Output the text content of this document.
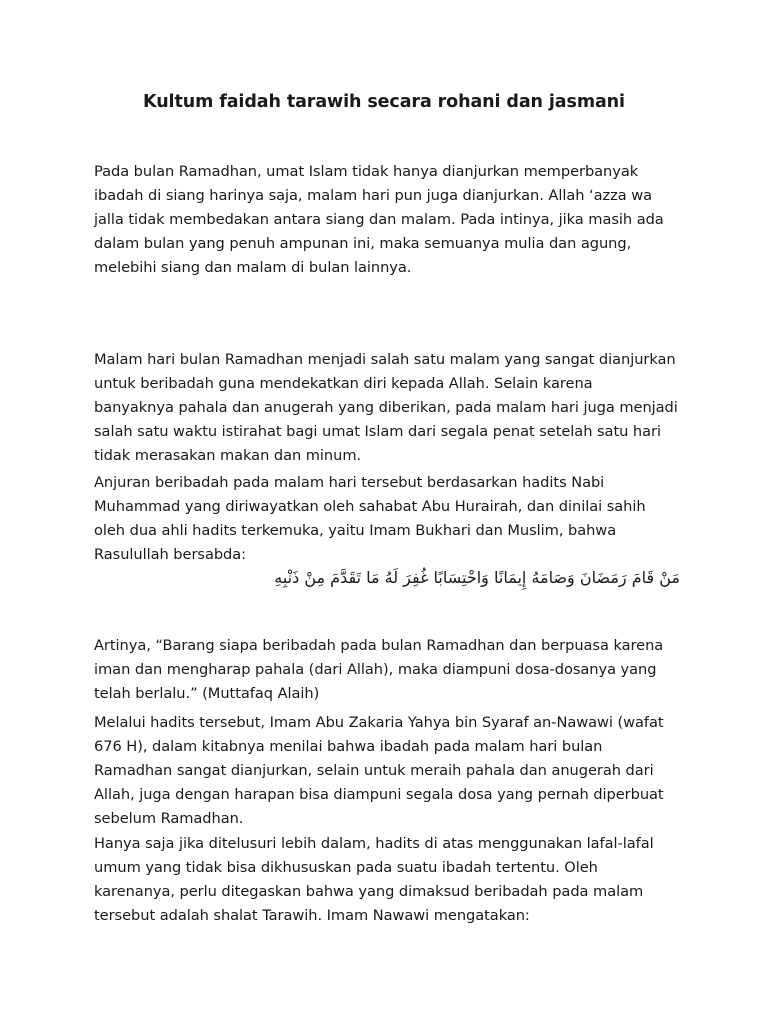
Kultum faidah tarawih secara rohani dan jasmani

Pada bulan Ramadhan, umat Islam tidak hanya dianjurkan memperbanyak
ibadah di siang harinya saja, malam hari pun juga dianjurkan. Allah ‘azza wa
jalla tidak membedakan antara siang dan malam. Pada intinya, jika masih ada
dalam bulan yang penuh ampunan ini, maka semuanya mulia dan agung,
melebihi siang dan malam di bulan lainnya.

Malam hari bulan Ramadhan menjadi salah satu malam yang sangat dianjurkan
untuk beribadah guna mendekatkan diri kepada Allah. Selain karena
banyaknya pahala dan anugerah yang diberikan, pada malam hari juga menjadi
salah satu waktu istirahat bagi umat Islam dari segala penat setelah satu hari
tidak merasakan makan dan minum.

Anjuran beribadah pada malam hari tersebut berdasarkan hadits Nabi
Muhammad yang diriwayatkan oleh sahabat Abu Hurairah, dan dinilai sahih
oleh dua ahli hadits terkemuka, yaitu Imam Bukhari dan Muslim, bahwa
Rasulullah bersabda:

مَنْ قَامَ رَمَضَانَ وَصَامَهُ إِيمَانًا وَاحْتِسَابًا غُفِرَ لَهُ مَا تَقَدَّمَ مِنْ ذَنْبِهِ

Artinya, “Barang siapa beribadah pada bulan Ramadhan dan berpuasa karena
iman dan mengharap pahala (dari Allah), maka diampuni dosa-dosanya yang
telah berlalu.” (Muttafaq Alaih)

Melalui hadits tersebut, Imam Abu Zakaria Yahya bin Syaraf an-Nawawi (wafat
676 H), dalam kitabnya menilai bahwa ibadah pada malam hari bulan
Ramadhan sangat dianjurkan, selain untuk meraih pahala dan anugerah dari
Allah, juga dengan harapan bisa diampuni segala dosa yang pernah diperbuat
sebelum Ramadhan.

Hanya saja jika ditelusuri lebih dalam, hadits di atas menggunakan lafal-lafal
umum yang tidak bisa dikhususkan pada suatu ibadah tertentu. Oleh
karenanya, perlu ditegaskan bahwa yang dimaksud beribadah pada malam
tersebut adalah shalat Tarawih. Imam Nawawi mengatakan:
